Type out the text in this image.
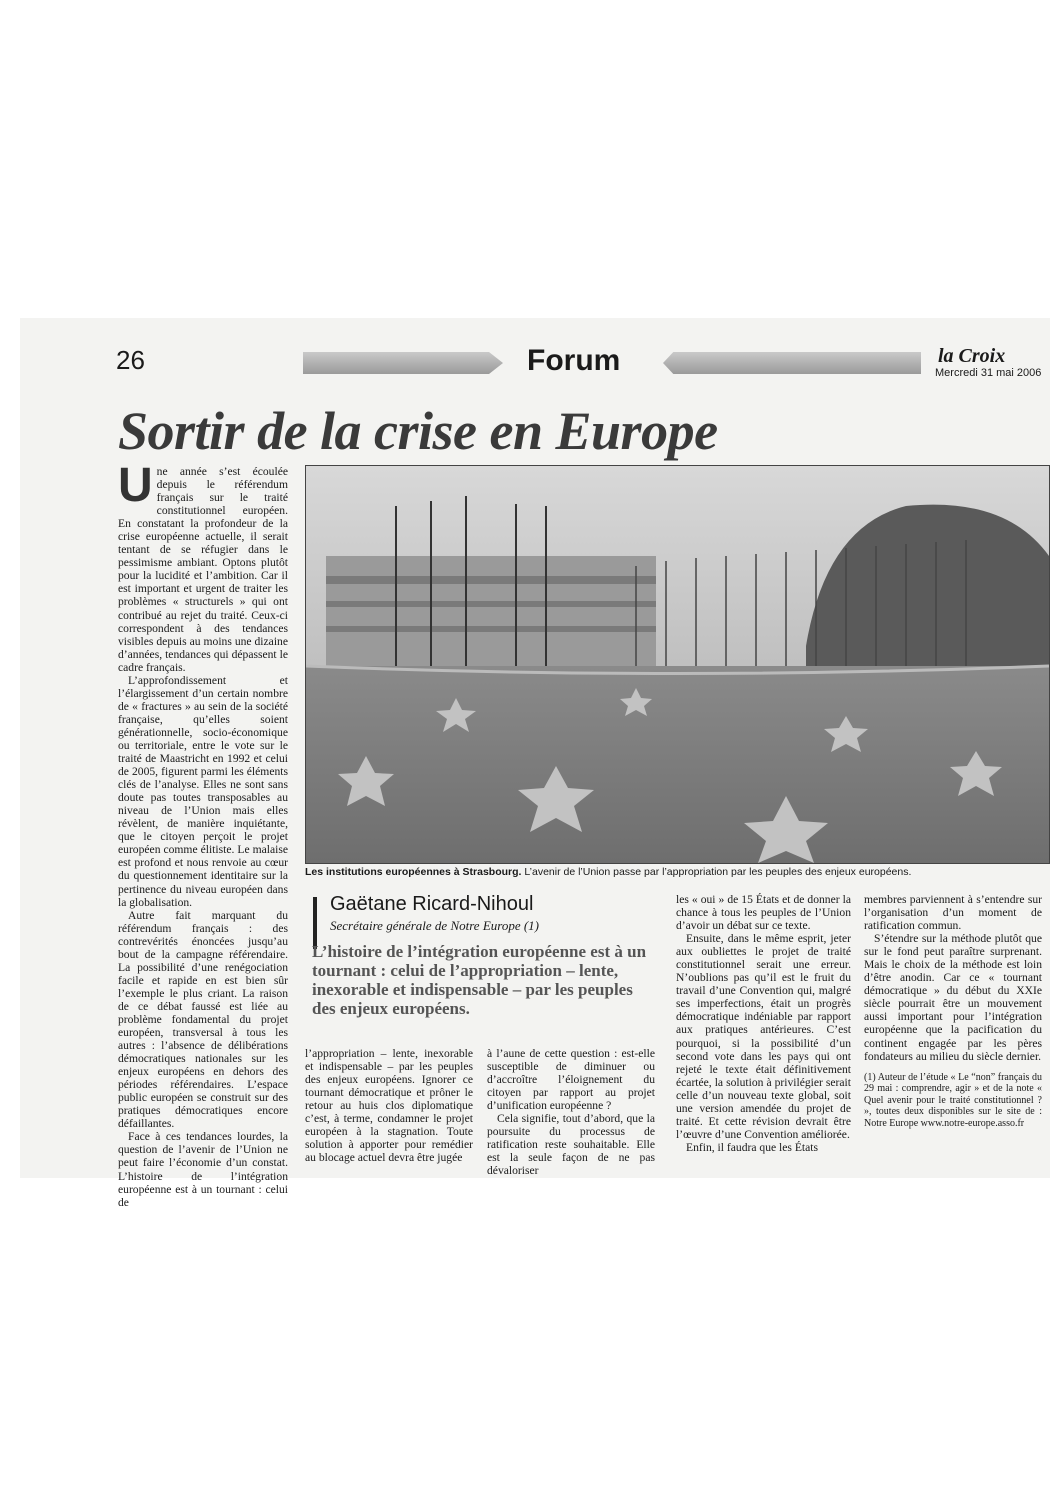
26	Forum	la Croix
Mercredi 31 mai 2006
Sortir de la crise en Europe

Une année s’est écoulée depuis le référendum français sur le traité constitutionnel européen. En constatant la profondeur de la crise européenne actuelle, il serait tentant de se réfugier dans le pessimisme ambiant. Optons plutôt pour la lucidité et l’ambition. Car il est important et urgent de traiter les problèmes « structurels » qui ont contribué au rejet du traité. Ceux-ci correspondent à des tendances visibles depuis au moins une dizaine d’années, tendances qui dépassent le cadre français.

L’approfondissement et l’élargissement d’un certain nombre de « fractures » au sein de la société française, qu’elles soient générationnelle, socio-économique ou territoriale, entre le vote sur le traité de Maastricht en 1992 et celui de 2005, figurent parmi les éléments clés de l’analyse. Elles ne sont sans doute pas toutes transposables au niveau de l’Union mais elles révèlent, de manière inquiétante, que le citoyen perçoit le projet européen comme élitiste. Le malaise est profond et nous renvoie au cœur du questionnement identitaire sur la pertinence du niveau européen dans la globalisation.

Autre fait marquant du référendum français : des contrevérités énoncées jusqu’au bout de la campagne référendaire. La possibilité d’une renégociation facile et rapide en est bien sûr l’exemple le plus criant. La raison de ce débat faussé est liée au problème fondamental du projet européen, transversal à tous les autres : l’absence de délibérations démocratiques nationales sur les enjeux européens en dehors des périodes référendaires. L’espace public européen se construit sur des pratiques démocratiques encore défaillantes.

Face à ces tendances lourdes, la question de l’avenir de l’Union ne peut faire l’économie d’un constat. L’histoire de l’intégration européenne est à un tournant : celui de

Les institutions européennes à Strasbourg. L’avenir de l’Union passe par l’appropriation par les peuples des enjeux européens.
Gaëtane Ricard-Nihoul
Secrétaire générale de Notre Europe (1)
L’histoire de l’intégration européenne est à un tournant : celui de l’appropriation – lente, inexorable et indispensable – par les peuples des enjeux européens.

l’appropriation – lente, inexorable et indispensable – par les peuples des enjeux européens. Ignorer ce tournant démocratique et prôner le retour au huis clos diplomatique c’est, à terme, condamner le projet européen à la stagnation. Toute solution à apporter pour remédier au blocage actuel devra être jugée

à l’aune de cette question : est-elle susceptible de diminuer ou d’accroître l’éloignement du citoyen par rapport au projet d’unification européenne ?

Cela signifie, tout d’abord, que la poursuite du processus de ratification reste souhaitable. Elle est la seule façon de ne pas dévaloriser

les « oui » de 15 États et de donner la chance à tous les peuples de l’Union d’avoir un débat sur ce texte.

Ensuite, dans le même esprit, jeter aux oubliettes le projet de traité constitutionnel serait une erreur. N’oublions pas qu’il est le fruit du travail d’une Convention qui, malgré ses imperfections, était un progrès démocratique indéniable par rapport aux pratiques antérieures. C’est pourquoi, si la possibilité d’un second vote dans les pays qui ont rejeté le texte était définitivement écartée, la solution à privilégier serait celle d’un nouveau texte global, soit une version amendée du projet de traité. Et cette révision devrait être l’œuvre d’une Convention améliorée.

Enfin, il faudra que les États

membres parviennent à s’entendre sur l’organisation d’un moment de ratification commun.

S’étendre sur la méthode plutôt que sur le fond peut paraître surprenant. Mais le choix de la méthode est loin d’être anodin. Car ce « tournant démocratique » du début du XXIe siècle pourrait être un mouvement aussi important pour l’intégration européenne que la pacification du continent engagée par les pères fondateurs au milieu du siècle dernier.

(1) Auteur de l’étude « Le “non” français du 29 mai : comprendre, agir » et de la note « Quel avenir pour le traité constitutionnel ? », toutes deux disponibles sur le site de : Notre Europe www.notre-europe.asso.fr
